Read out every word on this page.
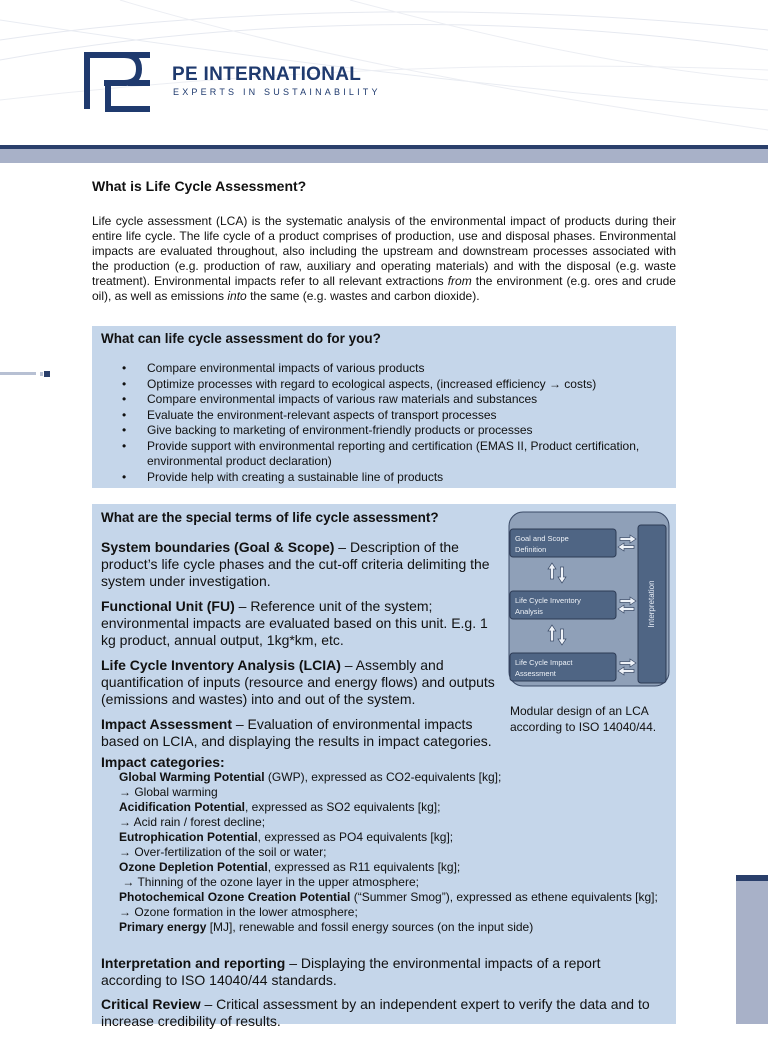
PE INTERNATIONAL
EXPERTS IN SUSTAINABILITY
What is Life Cycle Assessment?

Life cycle assessment (LCA) is the systematic analysis of the environmental impact of products during their entire life cycle. The life cycle of a product comprises of production, use and disposal phases. Environmental impacts are evaluated throughout, also including the upstream and downstream processes associated with the production (e.g. production of raw, auxiliary and operating materials) and with the disposal (e.g. waste treatment). Environmental impacts refer to all relevant extractions from the environment (e.g. ores and crude oil), as well as emissions into the same (e.g. wastes and carbon dioxide).

What can life cycle assessment do for you?
• Compare environmental impacts of various products
• Optimize processes with regard to ecological aspects, (increased efficiency → costs)
• Compare environmental impacts of various raw materials and substances
• Evaluate the environment-relevant aspects of transport processes
• Give backing to marketing of environment-friendly products or processes
• Provide support with environmental reporting and certification (EMAS II, Product certification, environmental product declaration)
• Provide help with creating a sustainable line of products
What are the special terms of life cycle assessment?

System boundaries (Goal & Scope) – Description of the product’s life cycle phases and the cut-off criteria delimiting the system under investigation.

Functional Unit (FU) – Reference unit of the system; environmental impacts are evaluated based on this unit. E.g. 1 kg product, annual output, 1kg*km, etc.

Life Cycle Inventory Analysis (LCIA) – Assembly and quantification of inputs (resource and energy flows) and outputs (emissions and wastes) into and out of the system.

Impact Assessment – Evaluation of environmental impacts based on LCIA, and displaying the results in impact categories.

Impact categories:

Global Warming Potential (GWP), expressed as CO2-equivalents [kg];

→ Global warming

Acidification Potential, expressed as SO2 equivalents [kg];

→ Acid rain / forest decline;

Eutrophication Potential, expressed as PO4 equivalents [kg];

→ Over-fertilization of the soil or water;

Ozone Depletion Potential, expressed as R11 equivalents [kg];

→ Thinning of the ozone layer in the upper atmosphere;

Photochemical Ozone Creation Potential (“Summer Smog”), expressed as ethene equivalents [kg];

→ Ozone formation in the lower atmosphere;

Primary energy [MJ], renewable and fossil energy sources (on the input side)

Interpretation and reporting – Displaying the environmental impacts of a report according to ISO 14040/44 standards.

Critical Review – Critical assessment by an independent expert to verify the data and to increase credibility of results.

Interpretation
Goal and Scope Definition
Life Cycle Inventory Analysis
Life Cycle Impact Assessment

Modular design of an LCA according to ISO 14040/44.
